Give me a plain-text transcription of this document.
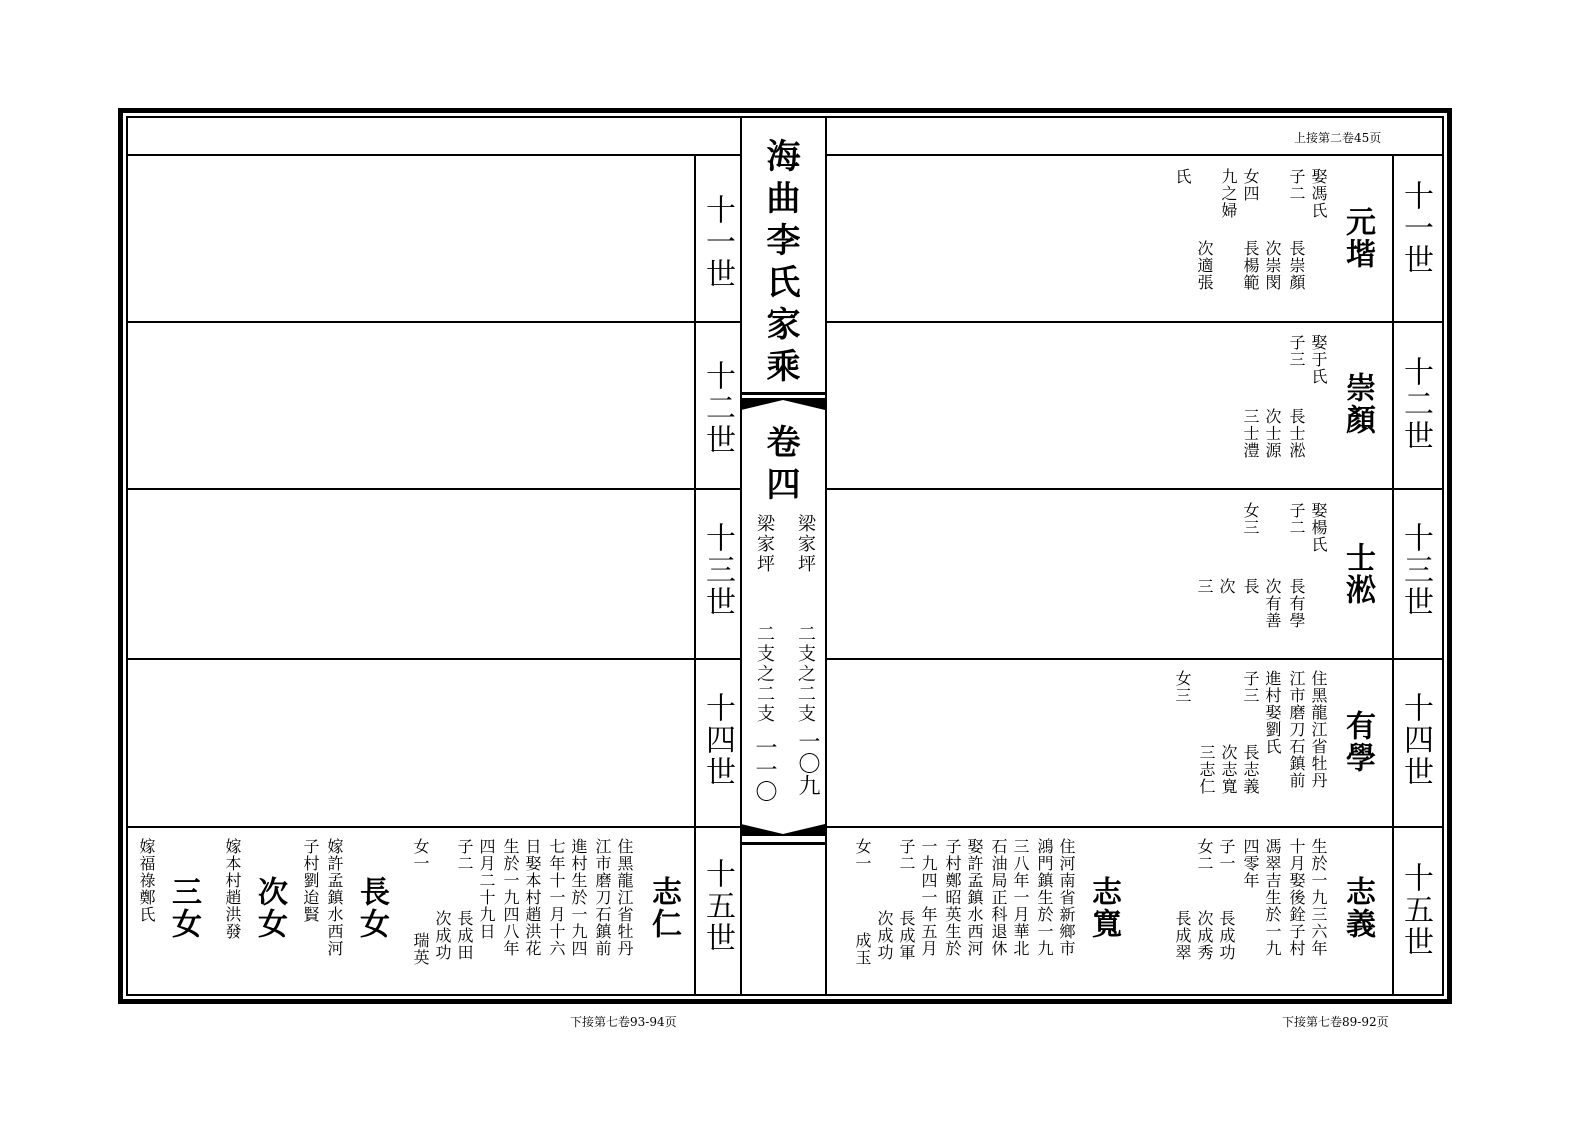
海曲李氏家乘
卷四
梁家坪
梁家坪
二支之二支
二支之二支
一〇九
一一〇
上接第二卷45页
下接第七卷89-92页
下接第七卷93-94页
十一世
十二世
十三世
十四世
十五世
十一世
十二世
十三世
十四世
十五世
元堦
娶馮氏
子二
女四
九之婦
氏
長崇顏
次崇閔
長楊範
次適張
崇顏
娶于氏
子三
長士淞
次士源
三士澧
士淞
娶楊氏
子二
女三
長有學
次有善
長
次
三
有學
住黑龍江省牡丹
江市磨刀石鎮前
進村娶劉氏
子三
女三
長志義
次志寬
三志仁
志義
生於一九三六年
十月娶後銓子村
馮翠吉生於一九
四零年
子一
女二
長成功
次成秀
長成翠
志寬
住河南省新鄉市
鴻門鎮生於一九
三八年一月華北
石油局正科退休
娶許孟鎮水西河
子村鄭昭英生於
一九四一年五月
子二
女一
長成軍
次成功
成玉
志仁
住黑龍江省牡丹
江市磨刀石鎮前
進村生於一九四
七年十一月十六
日娶本村趙洪花
生於一九四八年
四月二十九日
子二
女一
長成田
次成功
瑞英
長女
嫁許孟鎮水西河
子村劉迨賢
次女
嫁本村趙洪發
三女
嫁福祿鄭氏
